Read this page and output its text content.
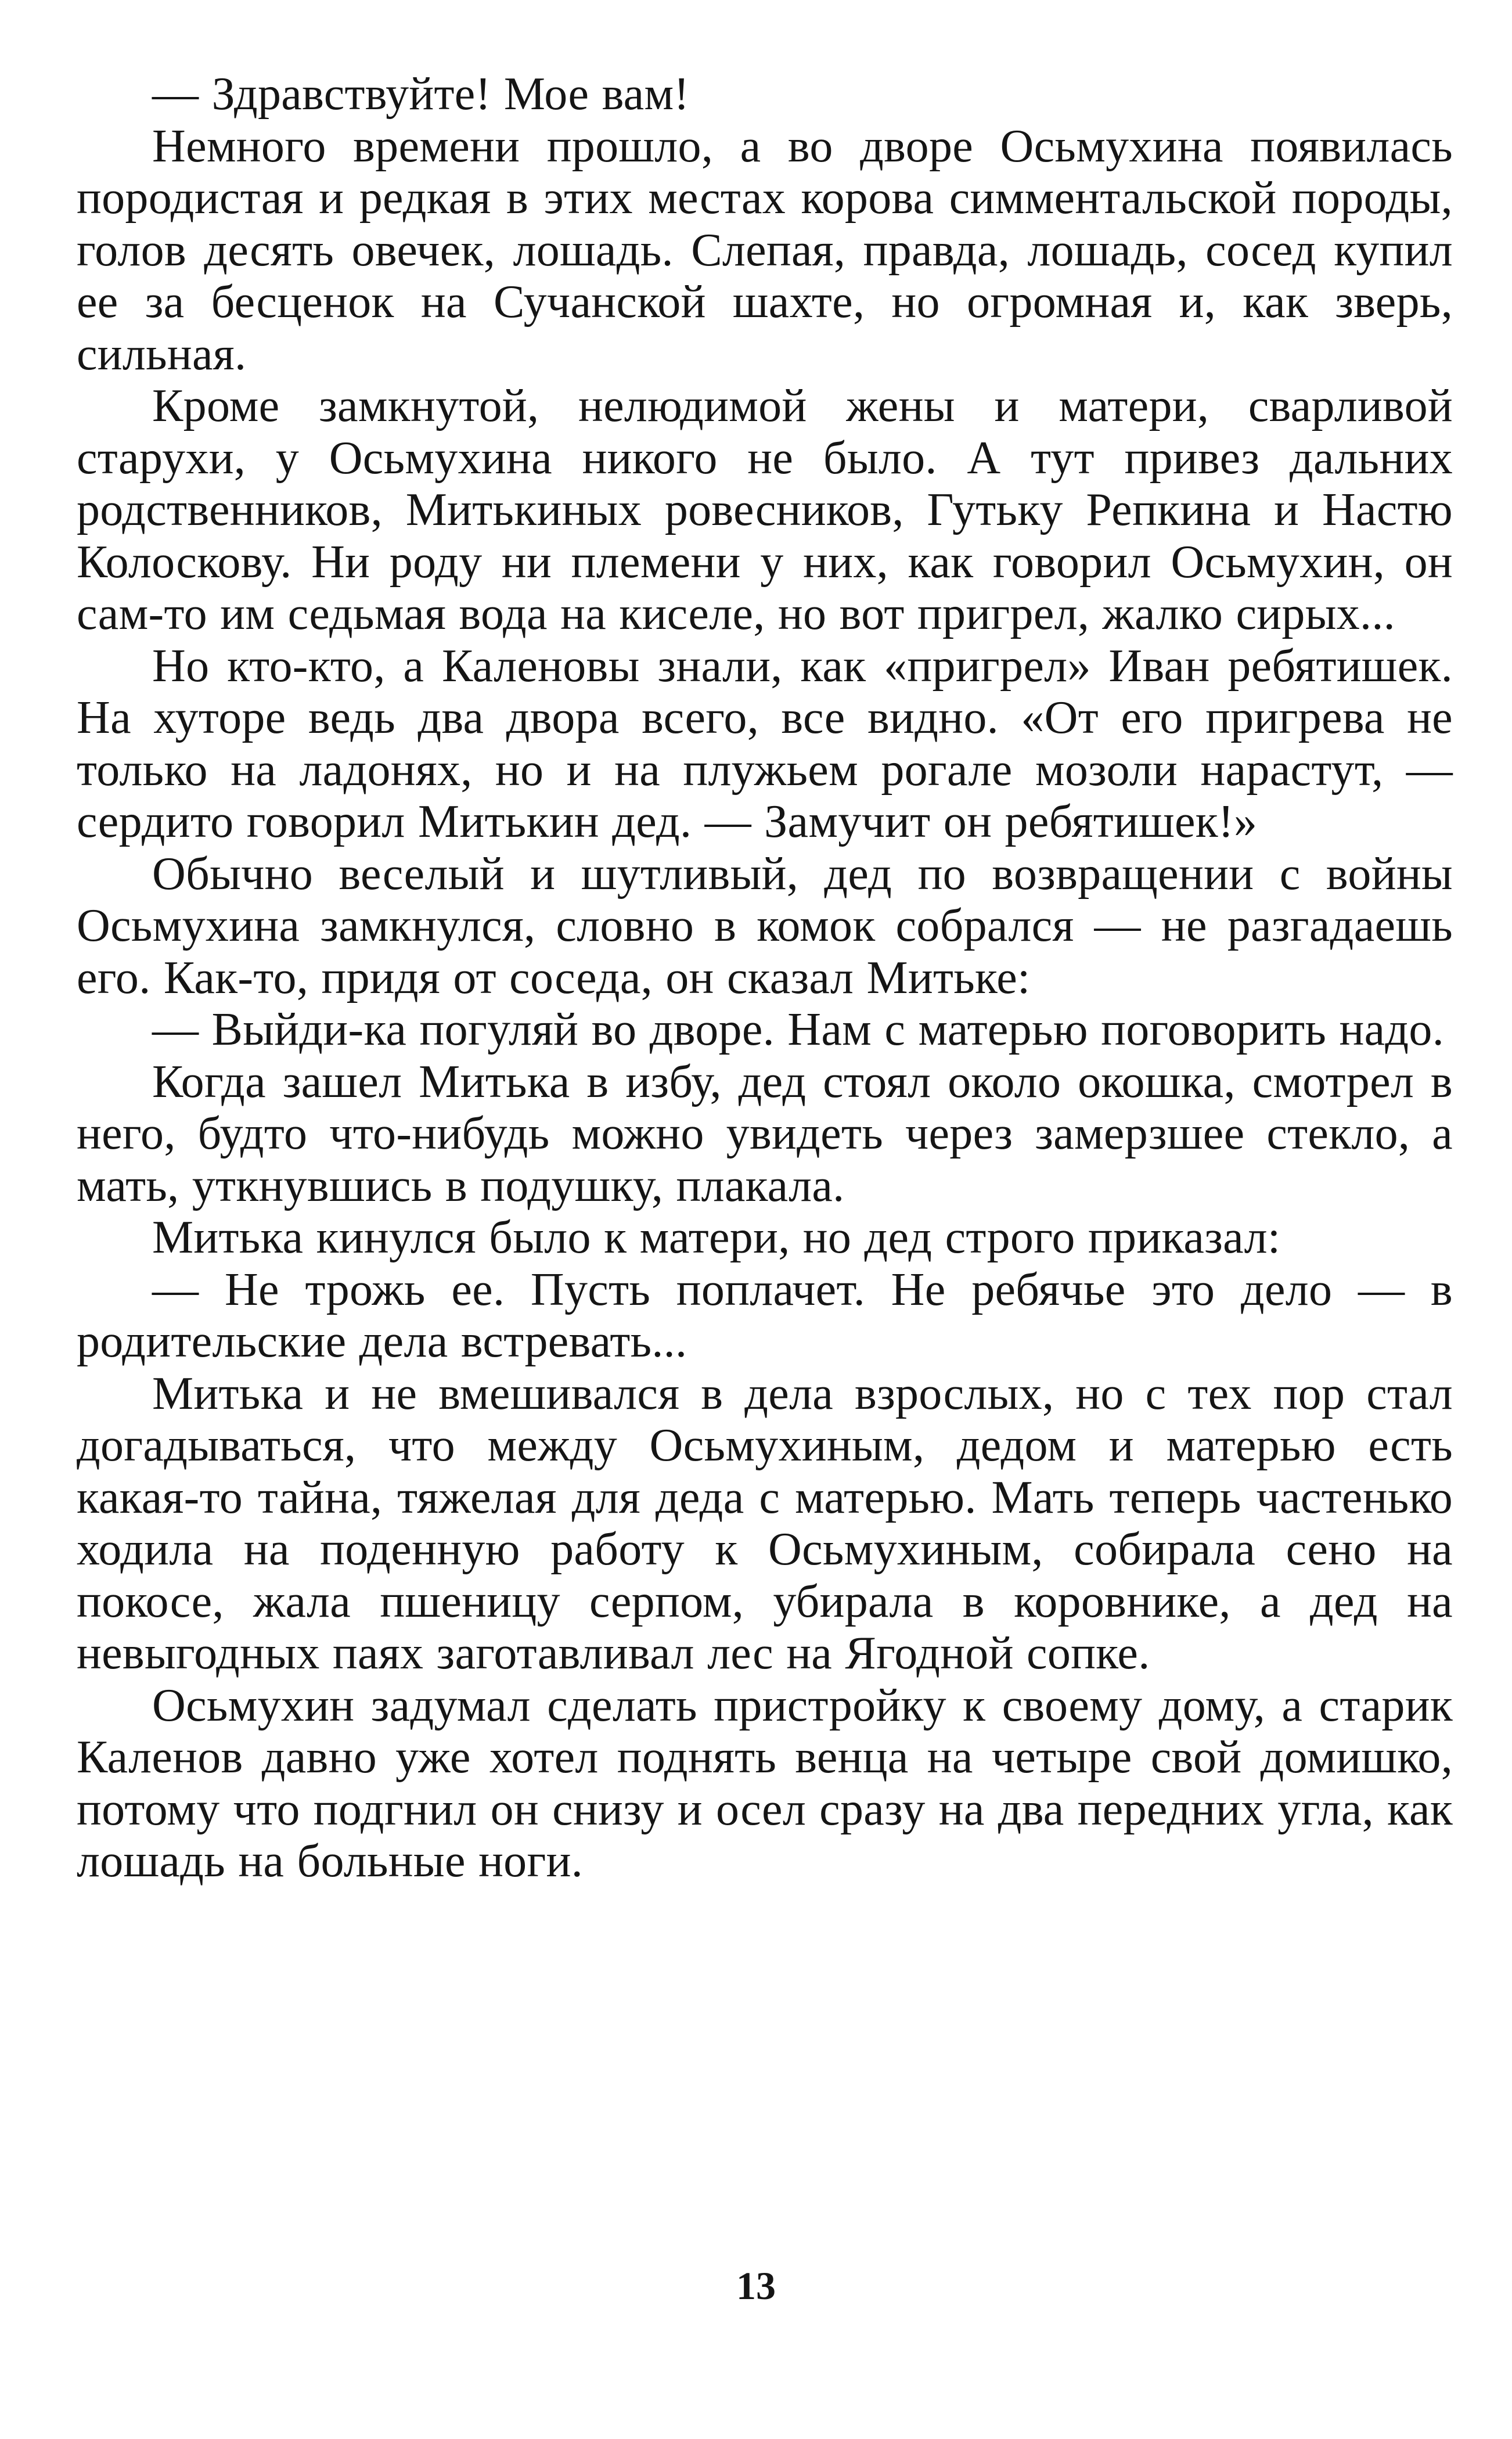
— Здравствуйте! Мое вам!

Немного времени прошло, а во дворе Осьмухина появилась породистая и редкая в этих местах корова симментальской породы, голов десять овечек, лошадь. Слепая, правда, лошадь, сосед купил ее за бесценок на Сучанской шахте, но огромная и, как зверь, сильная.

Кроме замкнутой, нелюдимой жены и матери, сварливой старухи, у Осьмухина никого не было. А тут привез дальних родственников, Митькиных ровесников, Гутьку Репкина и Настю Колоскову. Ни роду ни племени у них, как говорил Осьмухин, он сам-то им седьмая вода на киселе, но вот пригрел, жалко сирых...

Но кто-кто, а Каленовы знали, как «пригрел» Иван ребятишек. На хуторе ведь два двора всего, все видно. «От его пригрева не только на ладонях, но и на плужьем рогале мозоли нарастут, — сердито говорил Митькин дед. — Замучит он ребятишек!»

Обычно веселый и шутливый, дед по возвращении с войны Осьмухина замкнулся, словно в комок собрался — не разгадаешь его. Как-то, придя от соседа, он сказал Митьке:

— Выйди-ка погуляй во дворе. Нам с матерью поговорить надо.

Когда зашел Митька в избу, дед стоял около окошка, смотрел в него, будто что-нибудь можно увидеть через замерзшее стекло, а мать, уткнувшись в подушку, плакала.

Митька кинулся было к матери, но дед строго приказал:

— Не трожь ее. Пусть поплачет. Не ребячье это дело — в родительские дела встревать...

Митька и не вмешивался в дела взрослых, но с тех пор стал догадываться, что между Осьмухиным, дедом и матерью есть какая-то тайна, тяжелая для деда с матерью. Мать теперь частенько ходила на поденную работу к Осьмухиным, собирала сено на покосе, жала пшеницу серпом, убирала в коровнике, а дед на невыгодных паях заготавливал лес на Ягодной сопке.

Осьмухин задумал сделать пристройку к своему дому, а старик Каленов давно уже хотел поднять венца на четыре свой домишко, потому что подгнил он снизу и осел сразу на два передних угла, как лошадь на больные ноги.

13
